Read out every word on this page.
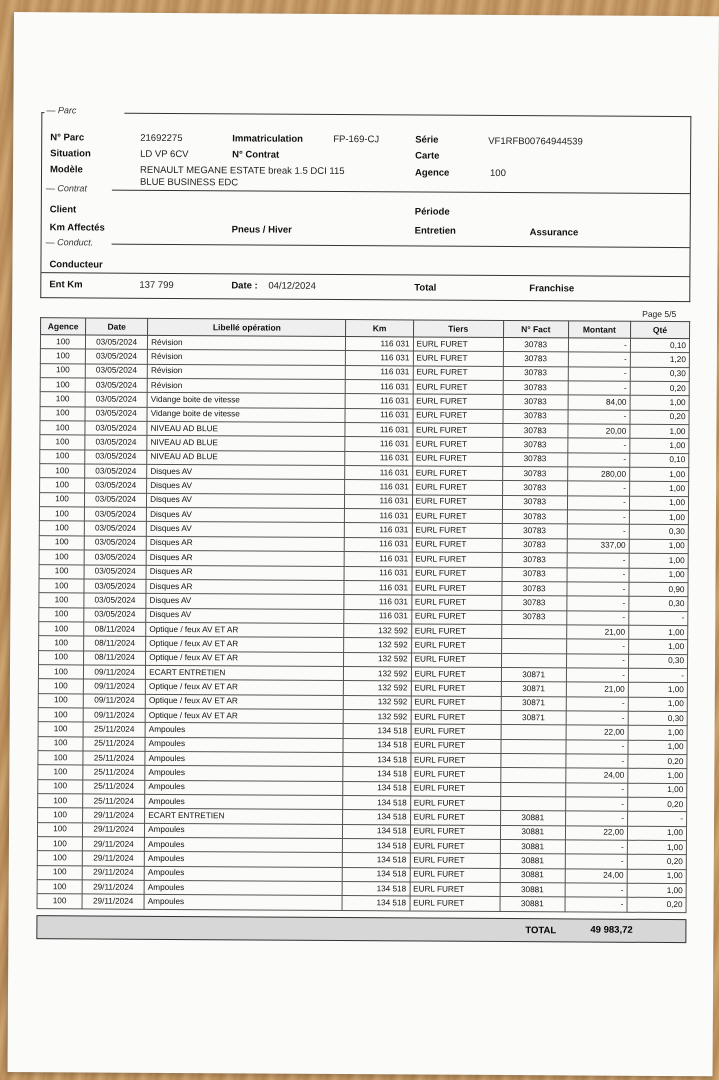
— Parc
N° Parc	21692275	Immatriculation	FP-169-CJ	Série	VF1RFB00764944539
Situation	LD VP 6CV	N° Contrat	Carte
Modèle	RENAULT MEGANE ESTATE break 1.5 DCI 115
BLUE BUSINESS EDC
Agence	100
— Contrat
Client	Période
Km Affectés	Pneus / Hiver	Entretien	Assurance
— Conduct.
Conducteur
Ent Km	137 799	Date : 04/12/2024	Total	Franchise
Page 5/5
Agence	Date	Libellé opération	Km	Tiers	N° Fact	Montant	Qté
100	03/05/2024	Révision	116 031	EURL FURET	30783	-	0,10
100	03/05/2024	Révision	116 031	EURL FURET	30783	-	1,20
100	03/05/2024	Révision	116 031	EURL FURET	30783	-	0,30
100	03/05/2024	Révision	116 031	EURL FURET	30783	-	0,20
100	03/05/2024	Vidange boite de vitesse	116 031	EURL FURET	30783	84,00	1,00
100	03/05/2024	Vidange boite de vitesse	116 031	EURL FURET	30783	-	0,20
100	03/05/2024	NIVEAU AD BLUE	116 031	EURL FURET	30783	20,00	1,00
100	03/05/2024	NIVEAU AD BLUE	116 031	EURL FURET	30783	-	1,00
100	03/05/2024	NIVEAU AD BLUE	116 031	EURL FURET	30783	-	0,10
100	03/05/2024	Disques AV	116 031	EURL FURET	30783	280,00	1,00
100	03/05/2024	Disques AV	116 031	EURL FURET	30783	-	1,00
100	03/05/2024	Disques AV	116 031	EURL FURET	30783	-	1,00
100	03/05/2024	Disques AV	116 031	EURL FURET	30783	-	1,00
100	03/05/2024	Disques AV	116 031	EURL FURET	30783	-	0,30
100	03/05/2024	Disques AR	116 031	EURL FURET	30783	337,00	1,00
100	03/05/2024	Disques AR	116 031	EURL FURET	30783	-	1,00
100	03/05/2024	Disques AR	116 031	EURL FURET	30783	-	1,00
100	03/05/2024	Disques AR	116 031	EURL FURET	30783	-	0,90
100	03/05/2024	Disques AV	116 031	EURL FURET	30783	-	0,30
100	03/05/2024	Disques AV	116 031	EURL FURET	30783	-	-
100	08/11/2024	Optique / feux AV ET AR	132 592	EURL FURET		21,00	1,00
100	08/11/2024	Optique / feux AV ET AR	132 592	EURL FURET		-	1,00
100	08/11/2024	Optique / feux AV ET AR	132 592	EURL FURET		-	0,30
100	09/11/2024	ECART ENTRETIEN	132 592	EURL FURET	30871	-	-
100	09/11/2024	Optique / feux AV ET AR	132 592	EURL FURET	30871	21,00	1,00
100	09/11/2024	Optique / feux AV ET AR	132 592	EURL FURET	30871	-	1,00
100	09/11/2024	Optique / feux AV ET AR	132 592	EURL FURET	30871	-	0,30
100	25/11/2024	Ampoules	134 518	EURL FURET		22,00	1,00
100	25/11/2024	Ampoules	134 518	EURL FURET		-	1,00
100	25/11/2024	Ampoules	134 518	EURL FURET		-	0,20
100	25/11/2024	Ampoules	134 518	EURL FURET		24,00	1,00
100	25/11/2024	Ampoules	134 518	EURL FURET		-	1,00
100	25/11/2024	Ampoules	134 518	EURL FURET		-	0,20
100	29/11/2024	ECART ENTRETIEN	134 518	EURL FURET	30881	-	-
100	29/11/2024	Ampoules	134 518	EURL FURET	30881	22,00	1,00
100	29/11/2024	Ampoules	134 518	EURL FURET	30881	-	1,00
100	29/11/2024	Ampoules	134 518	EURL FURET	30881	-	0,20
100	29/11/2024	Ampoules	134 518	EURL FURET	30881	24,00	1,00
100	29/11/2024	Ampoules	134 518	EURL FURET	30881	-	1,00
100	29/11/2024	Ampoules	134 518	EURL FURET	30881	-	0,20
TOTAL	49 983,72
